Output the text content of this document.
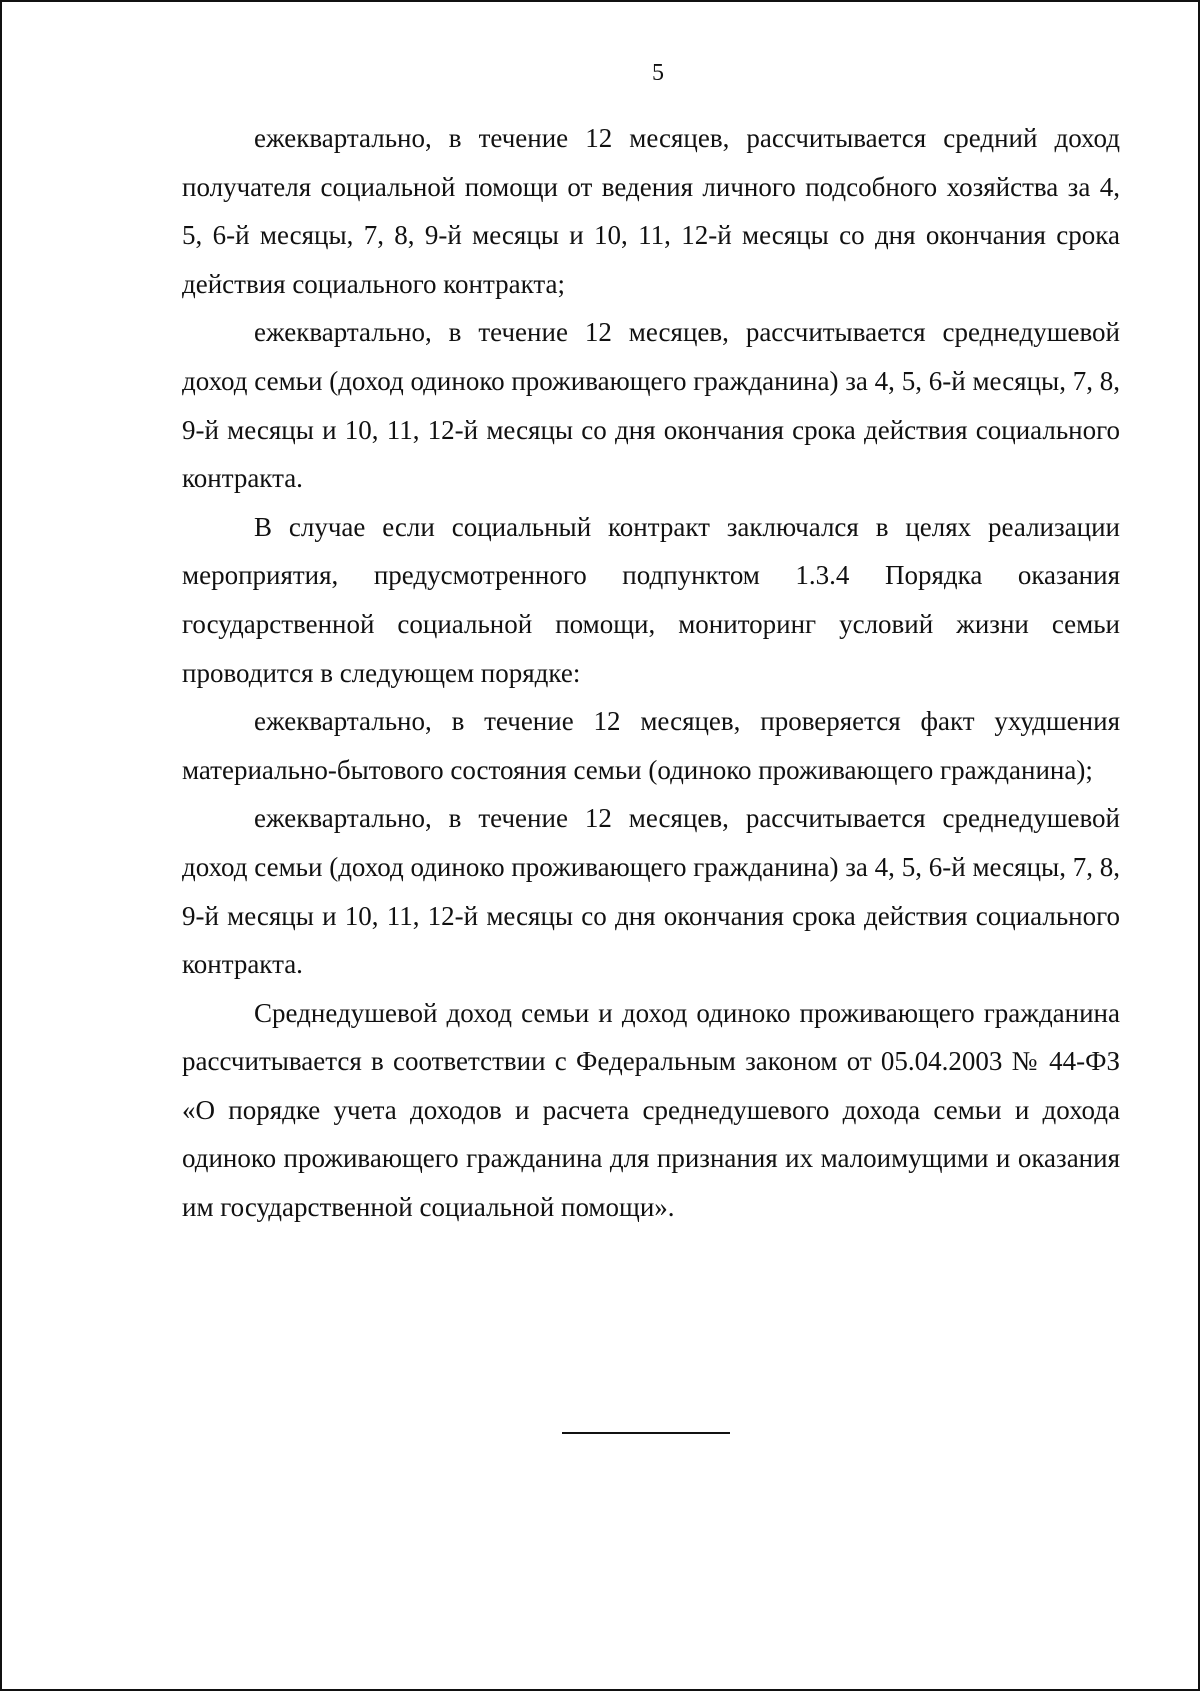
5

ежеквартально, в течение 12 месяцев, рассчитывается средний доход получателя социальной помощи от ведения личного подсобного хозяйства за 4, 5, 6-й месяцы, 7, 8, 9-й месяцы и 10, 11, 12-й месяцы со дня окончания срока действия социального контракта;

ежеквартально, в течение 12 месяцев, рассчитывается среднедушевой доход семьи (доход одиноко проживающего гражданина) за 4, 5, 6-й месяцы, 7, 8, 9-й месяцы и 10, 11, 12-й месяцы со дня окончания срока действия социального контракта.

В случае если социальный контракт заключался в целях реализации мероприятия, предусмотренного подпунктом 1.3.4 Порядка оказания государственной социальной помощи, мониторинг условий жизни семьи проводится в следующем порядке:

ежеквартально, в течение 12 месяцев, проверяется факт ухудшения материально-бытового состояния семьи (одиноко проживающего гражданина);

ежеквартально, в течение 12 месяцев, рассчитывается среднедушевой доход семьи (доход одиноко проживающего гражданина) за 4, 5, 6-й месяцы, 7, 8, 9-й месяцы и 10, 11, 12-й месяцы со дня окончания срока действия социального контракта.

Среднедушевой доход семьи и доход одиноко проживающего гражданина рассчитывается в соответствии с Федеральным законом от 05.04.2003 № 44-ФЗ «О порядке учета доходов и расчета среднедушевого дохода семьи и дохода одиноко проживающего гражданина для признания их малоимущими и оказания им государственной социальной помощи».
